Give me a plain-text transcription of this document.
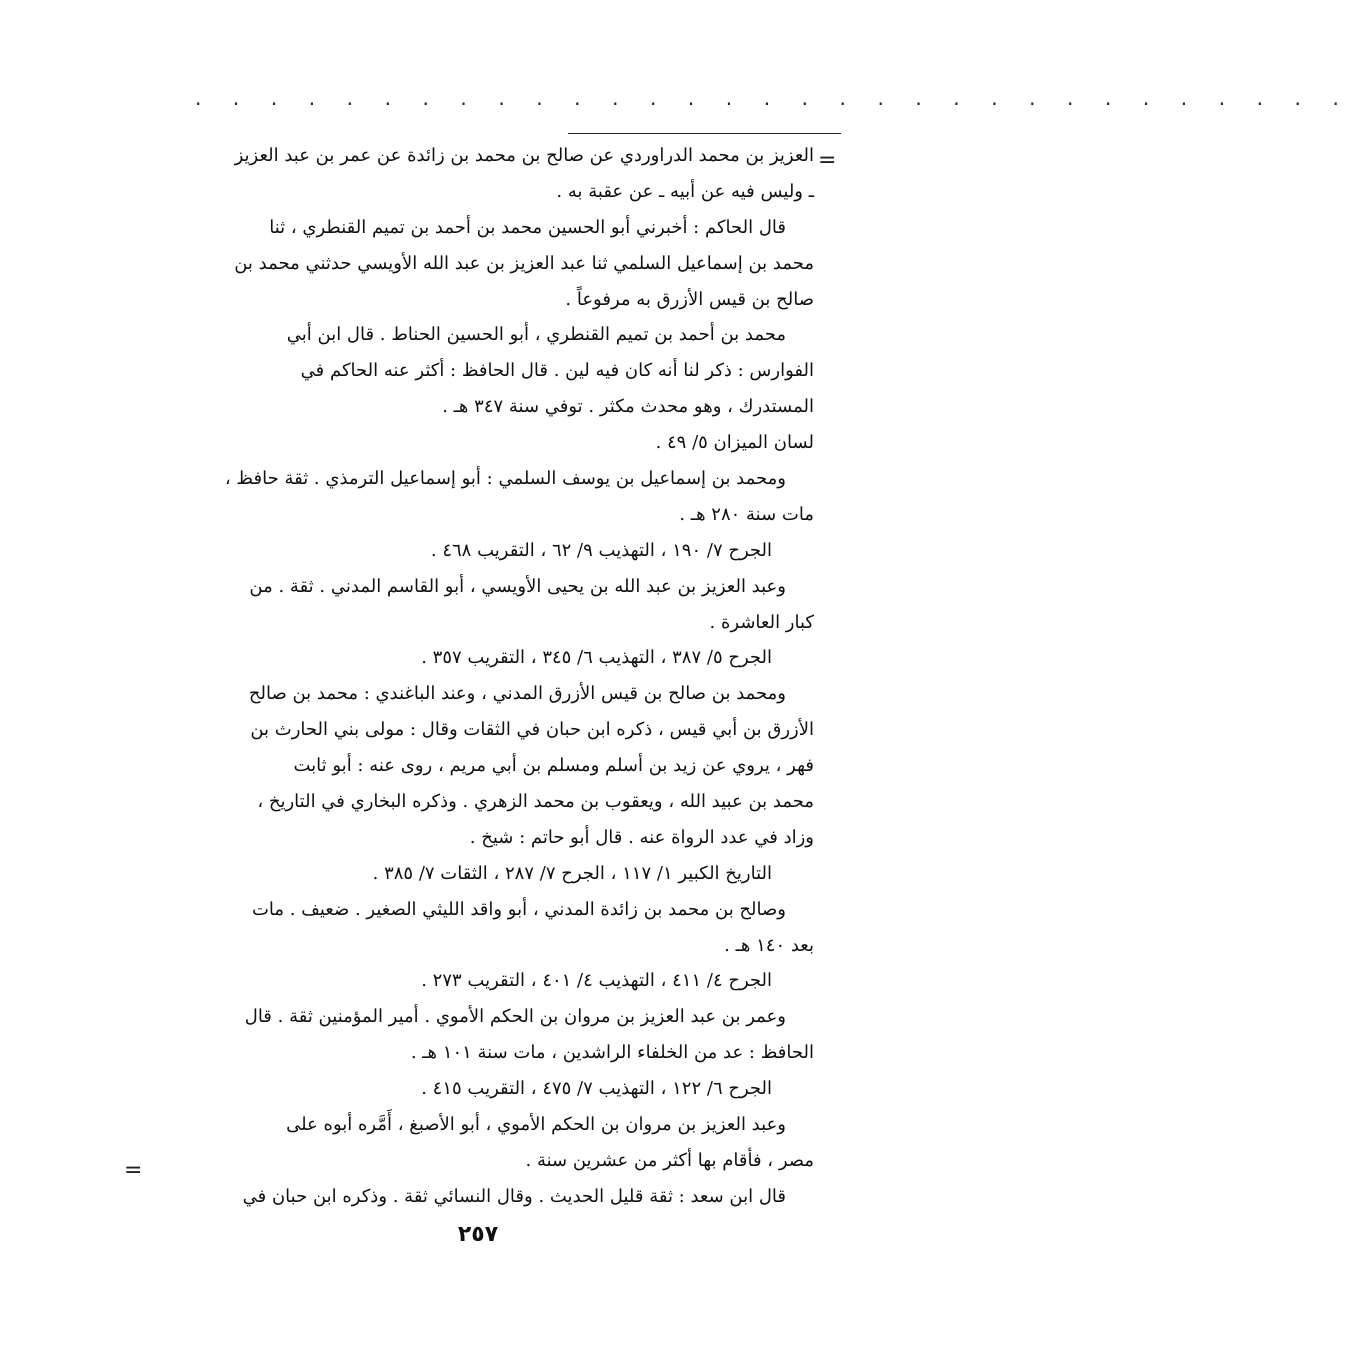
. . . . . . . . . . . . . . . . . . . . . . . . . . . . . . .
=
العزيز بن محمد الدراوردي عن صالح بن محمد بن زائدة عن عمر بن عبد العزيز
ـ وليس فيه عن أبيه ـ عن عقبة به .
قال الحاكم : أخبرني أبو الحسين محمد بن أحمد بن تميم القنطري ، ثنا
محمد بن إسماعيل السلمي ثنا عبد العزيز بن عبد الله الأويسي حدثني محمد بن
صالح بن قيس الأزرق به مرفوعاً .
محمد بن أحمد بن تميم القنطري ، أبو الحسين الحناط . قال ابن أبي
الفوارس : ذكر لنا أنه كان فيه لين . قال الحافظ : أكثر عنه الحاكم في
المستدرك ، وهو محدث مكثر . توفي سنة ٣٤٧ هـ .
لسان الميزان ٥/ ٤٩ .
ومحمد بن إسماعيل بن يوسف السلمي : أبو إسماعيل الترمذي . ثقة حافظ ،
مات سنة ٢٨٠ هـ .
الجرح ٧/ ١٩٠ ، التهذيب ٩/ ٦٢ ، التقريب ٤٦٨ .
وعبد العزيز بن عبد الله بن يحيى الأويسي ، أبو القاسم المدني . ثقة . من
كبار العاشرة .
الجرح ٥/ ٣٨٧ ، التهذيب ٦/ ٣٤٥ ، التقريب ٣٥٧ .
ومحمد بن صالح بن قيس الأزرق المدني ، وعند الباغندي : محمد بن صالح
الأزرق بن أبي قيس ، ذكره ابن حبان في الثقات وقال : مولى بني الحارث بن
فهر ، يروي عن زيد بن أسلم ومسلم بن أبي مريم ، روى عنه : أبو ثابت
محمد بن عبيد الله ، ويعقوب بن محمد الزهري . وذكره البخاري في التاريخ ،
وزاد في عدد الرواة عنه . قال أبو حاتم : شيخ .
التاريخ الكبير ١/ ١١٧ ، الجرح ٧/ ٢٨٧ ، الثقات ٧/ ٣٨٥ .
وصالح بن محمد بن زائدة المدني ، أبو واقد الليثي الصغير . ضعيف . مات
بعد ١٤٠ هـ .
الجرح ٤/ ٤١١ ، التهذيب ٤/ ٤٠١ ، التقريب ٢٧٣ .
وعمر بن عبد العزيز بن مروان بن الحكم الأموي . أمير المؤمنين ثقة . قال
الحافظ : عد من الخلفاء الراشدين ، مات سنة ١٠١ هـ .
الجرح ٦/ ١٢٢ ، التهذيب ٧/ ٤٧٥ ، التقريب ٤١٥ .
وعبد العزيز بن مروان بن الحكم الأموي ، أبو الأصبغ ، أَمَّره أبوه على
مصر ، فأقام بها أكثر من عشرين سنة .
قال ابن سعد : ثقة قليل الحديث . وقال النسائي ثقة . وذكره ابن حبان في
=
٢٥٧
